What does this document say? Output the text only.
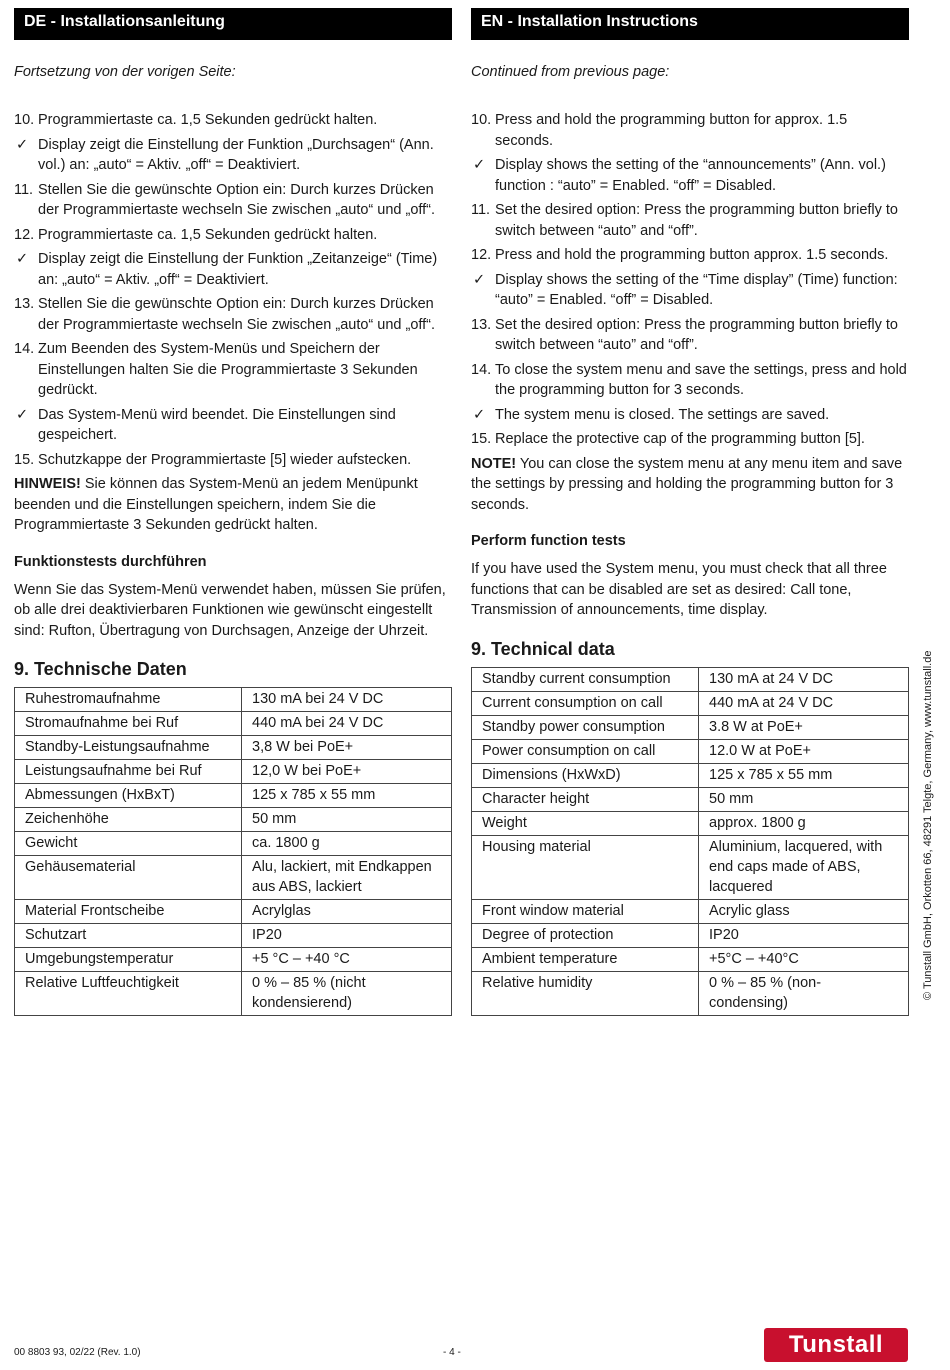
DE - Installationsanleitung
Fortsetzung von der vorigen Seite:
10. Programmiertaste ca. 1,5 Sekunden gedrückt halten.
✓ Display zeigt die Einstellung der Funktion „Durchsagen“ (Ann. vol.) an: „auto“ = Aktiv. „off“ = Deaktiviert.
11. Stellen Sie die gewünschte Option ein: Durch kurzes Drücken der Programmiertaste wechseln Sie zwischen „auto“ und „off“.
12. Programmiertaste ca. 1,5 Sekunden gedrückt halten.
✓ Display zeigt die Einstellung der Funktion „Zeitanzeige“ (Time) an: „auto“ = Aktiv. „off“ = Deaktiviert.
13. Stellen Sie die gewünschte Option ein: Durch kurzes Drücken der Programmiertaste wechseln Sie zwischen „auto“ und „off“.
14. Zum Beenden des System-Menüs und Speichern der Einstellungen halten Sie die Programmiertaste 3 Sekunden gedrückt.
✓ Das System-Menü wird beendet. Die Einstellungen sind gespeichert.
15. Schutzkappe der Programmiertaste [5] wieder aufstecken.
HINWEIS! Sie können das System-Menü an jedem Menüpunkt beenden und die Einstellungen speichern, indem Sie die Programmiertaste 3 Sekunden gedrückt halten.
Funktionstests durchführen
Wenn Sie das System-Menü verwendet haben, müssen Sie prüfen, ob alle drei deaktivierbaren Funktionen wie gewünscht eingestellt sind: Rufton, Übertragung von Durchsagen, Anzeige der Uhrzeit.
9. Technische Daten
Ruhestromaufnahme	130 mA bei 24 V DC
Stromaufnahme bei Ruf	440 mA bei 24 V DC
Standby-Leistungsaufnahme	3,8 W bei PoE+
Leistungsaufnahme bei Ruf	12,0 W bei PoE+
Abmessungen (HxBxT)	125 x 785 x 55 mm
Zeichenhöhe	50 mm
Gewicht	ca. 1800 g
Gehäusematerial	Alu, lackiert, mit Endkappen aus ABS, lackiert
Material Frontscheibe	Acrylglas
Schutzart	IP20
Umgebungstemperatur	+5 °C – +40 °C
Relative Luftfeuchtigkeit	0 % – 85 % (nicht kondensierend)
EN - Installation Instructions
Continued from previous page:
10. Press and hold the programming button for approx. 1.5 seconds.
✓ Display shows the setting of the “announcements” (Ann. vol.) function : “auto” = Enabled. “off” = Disabled.
11. Set the desired option: Press the programming button briefly to switch between “auto” and “off”.
12. Press and hold the programming button approx. 1.5 seconds.
✓ Display shows the setting of the “Time display” (Time) function: “auto” = Enabled. “off” = Disabled.
13. Set the desired option: Press the programming button briefly to switch between “auto” and “off”.
14. To close the system menu and save the settings, press and hold the programming button for 3 seconds.
✓ The system menu is closed. The settings are saved.
15. Replace the protective cap of the programming button [5].
NOTE! You can close the system menu at any menu item and save the settings by pressing and holding the programming button for 3 seconds.
Perform function tests
If you have used the System menu, you must check that all three functions that can be disabled are set as desired: Call tone, Transmission of announcements, time display.
9. Technical data
Standby current consumption	130 mA at 24 V DC
Current consumption on call	440 mA at 24 V DC
Standby power consumption	3.8 W at PoE+
Power consumption on call	12.0 W at PoE+
Dimensions (HxWxD)	125 x 785 x 55 mm
Character height	50 mm
Weight	approx. 1800 g
Housing material	Aluminium, lacquered, with end caps made of ABS, lacquered
Front window material	Acrylic glass
Degree of protection	IP20
Ambient temperature	+5°C – +40°C
Relative humidity	0 % – 85 % (non-condensing)
© Tunstall GmbH, Orkotten 66, 48291 Telgte, Germany, www.tunstall.de
00 8803 93, 02/22 (Rev. 1.0)	- 4 -	Tunstall
